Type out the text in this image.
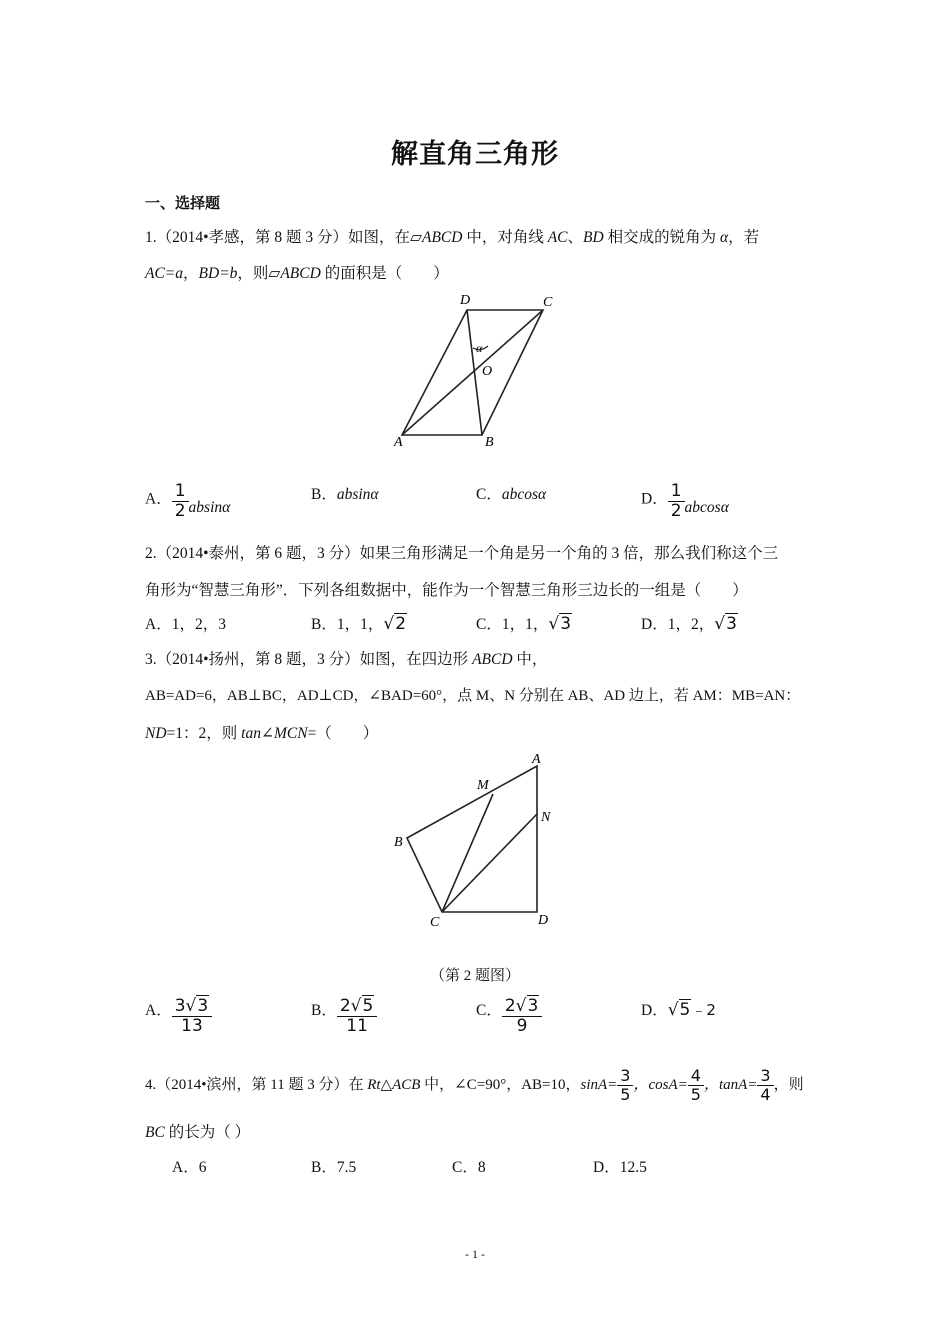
解直角三角形
一、选择题
1.（2014•孝感，第 8 题 3 分）如图，在▱ABCD 中，对角线 AC、BD 相交成的锐角为 α，若
AC=a，BD=b，则▱ABCD 的面积是（　　）
D	C
A	B
O
α
A． $\frac{1}{2}$ absinα
B．absinα	C．abcosα	D． $\frac{1}{2}$ abcosα
2.（2014•泰州，第 6 题，3 分）如果三角形满足一个角是另一个角的 3 倍，那么我们称这个三
角形为“智慧三角形”．下列各组数据中，能作为一个智慧三角形三边长的一组是（　　）
A．1，2，3	B．1，1，√2	C．1，1，√3	D．1，2，√3
3.（2014•扬州，第 8 题，3 分）如图，在四边形 ABCD 中，
AB=AD=6，AB⊥BC，AD⊥CD，∠BAD=60°，点 M、N 分别在 AB、AD 边上，若 AM：MB=AN：
ND=1：2，则 tan∠MCN=（　　）
A
M
N
B
C	D
（第 2 题图）
A． $\frac{3√3}{13}$	B． $\frac{2√5}{11}$	C． $\frac{2√3}{9}$	D．√5﹣2
4.（2014•滨州，第 11 题 3 分）在 Rt△ACB 中，∠C=90°，AB=10，$\sin A= \frac{3}{5}$ ，$\cos A= \frac{4}{5}$ ，$\tan A= \frac{3}{4}$ ，则
BC 的长为（ ）
A．6	B．7.5	C．8	D．12.5
- 1 -
